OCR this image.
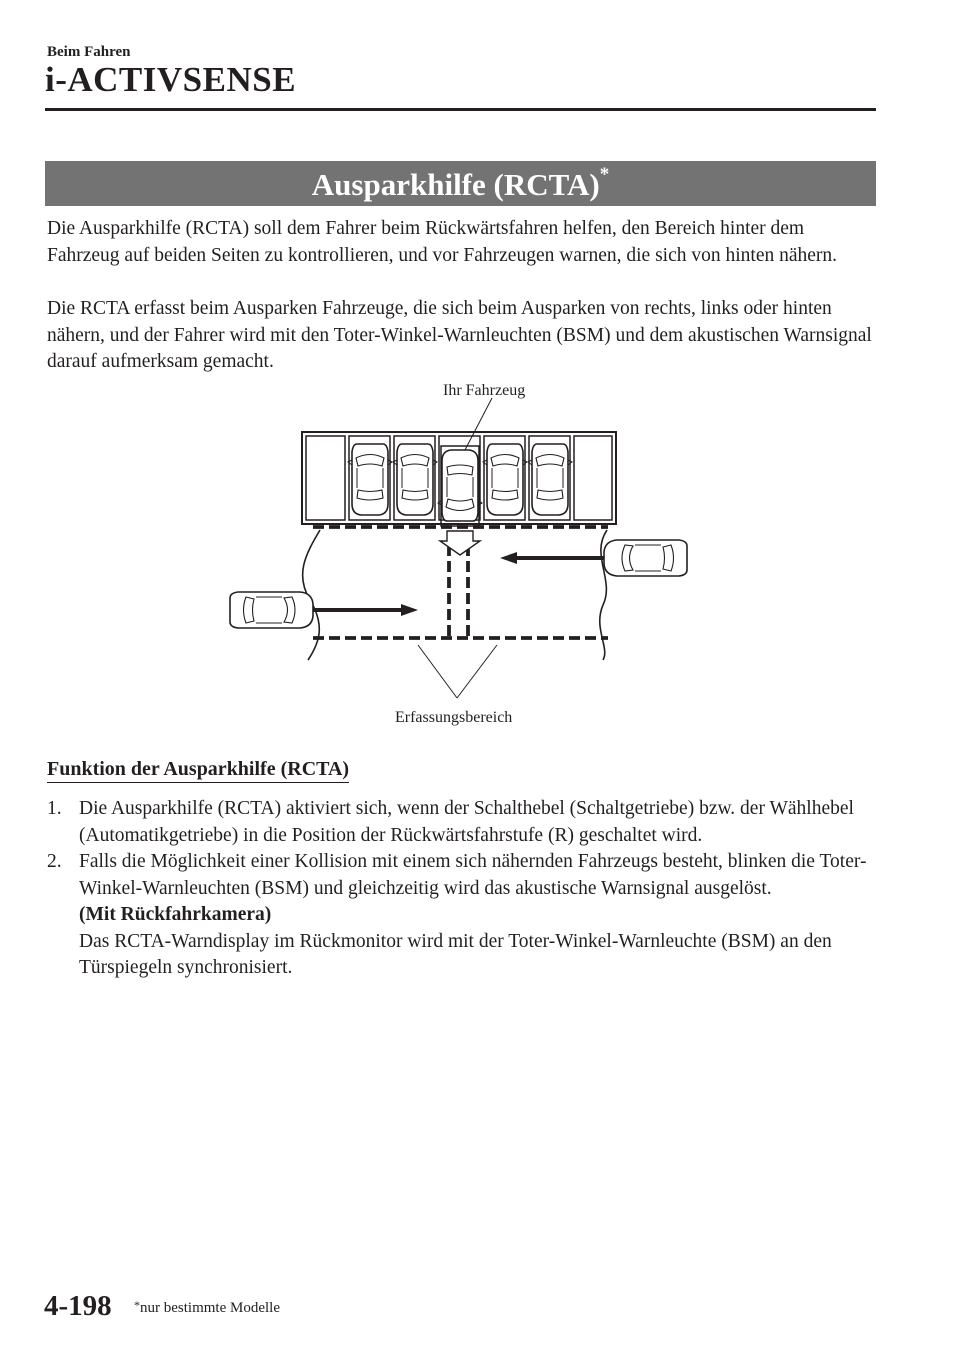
Beim Fahren
i-ACTIVSENSE
Ausparkhilfe (RCTA)*

Die Ausparkhilfe (RCTA) soll dem Fahrer beim Rückwärtsfahren helfen, den Bereich hinter dem Fahrzeug auf beiden Seiten zu kontrollieren, und vor Fahrzeugen warnen, die sich von hinten nähern.

Die RCTA erfasst beim Ausparken Fahrzeuge, die sich beim Ausparken von rechts, links oder hinten nähern, und der Fahrer wird mit den Toter-Winkel-Warnleuchten (BSM) und dem akustischen Warnsignal darauf aufmerksam gemacht.

Ihr Fahrzeug
Erfassungsbereich
Funktion der Ausparkhilfe (RCTA)
1. Die Ausparkhilfe (RCTA) aktiviert sich, wenn der Schalthebel (Schaltgetriebe) bzw. der Wählhebel (Automatikgetriebe) in die Position der Rückwärtsfahrstufe (R) geschaltet wird.
2. Falls die Möglichkeit einer Kollision mit einem sich nähernden Fahrzeugs besteht, blinken die Toter-Winkel-Warnleuchten (BSM) und gleichzeitig wird das akustische Warnsignal ausgelöst.
(Mit Rückfahrkamera)
Das RCTA-Warndisplay im Rückmonitor wird mit der Toter-Winkel-Warnleuchte (BSM) an den Türspiegeln synchronisiert.
4-198 *nur bestimmte Modelle
